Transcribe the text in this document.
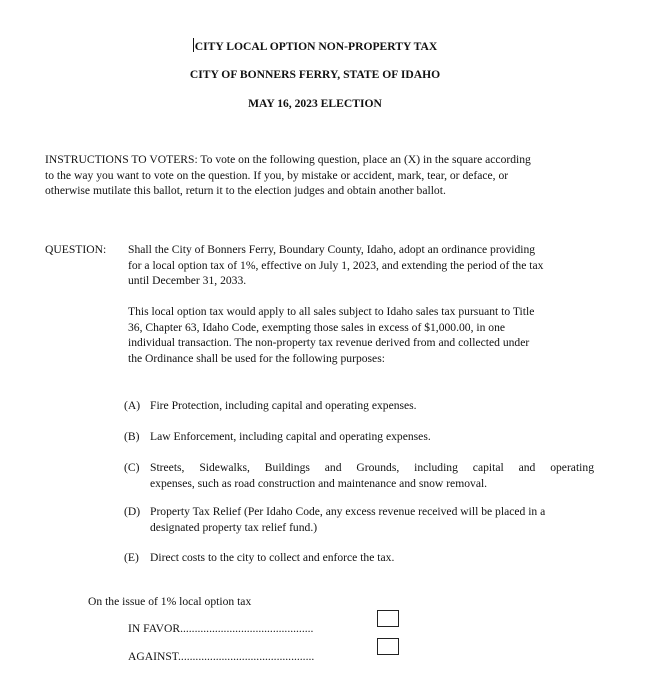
CITY LOCAL OPTION NON-PROPERTY TAX
CITY OF BONNERS FERRY, STATE OF IDAHO
MAY 16, 2023 ELECTION
INSTRUCTIONS TO VOTERS: To vote on the following question, place an (X) in the square according
to the way you want to vote on the question. If you, by mistake or accident, mark, tear, or deface, or
otherwise mutilate this ballot, return it to the election judges and obtain another ballot.
QUESTION: Shall the City of Bonners Ferry, Boundary County, Idaho, adopt an ordinance providing
for a local option tax of 1%, effective on July 1, 2023, and extending the period of the tax
until December 31, 2033.
This local option tax would apply to all sales subject to Idaho sales tax pursuant to Title
36, Chapter 63, Idaho Code, exempting those sales in excess of $1,000.00, in one
individual transaction. The non-property tax revenue derived from and collected under
the Ordinance shall be used for the following purposes:
(A) Fire Protection, including capital and operating expenses.
(B) Law Enforcement, including capital and operating expenses.
(C) Streets, Sidewalks, Buildings and Grounds, including capital and operating
expenses, such as road construction and maintenance and snow removal.
(D) Property Tax Relief (Per Idaho Code, any excess revenue received will be placed in a
designated property tax relief fund.)
(E) Direct costs to the city to collect and enforce the tax.
On the issue of 1% local option tax
IN FAVOR..............................................
AGAINST...............................................
